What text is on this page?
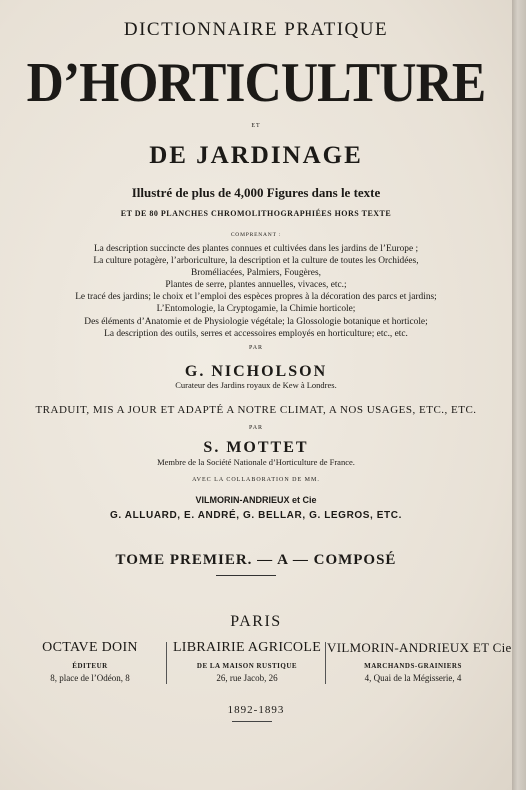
DICTIONNAIRE PRATIQUE
D’HORTICULTURE
ET
DE JARDINAGE
Illustré de plus de 4,000 Figures dans le texte
ET DE 80 PLANCHES CHROMOLITHOGRAPHIÉES HORS TEXTE
COMPRENANT :
La description succincte des plantes connues et cultivées dans les jardins de l’Europe ;
La culture potagère, l’arboriculture, la description et la culture de toutes les Orchidées,
Broméliacées, Palmiers, Fougères,
Plantes de serre, plantes annuelles, vivaces, etc.;
Le tracé des jardins; le choix et l’emploi des espèces propres à la décoration des parcs et jardins;
L’Entomologie, la Cryptogamie, la Chimie horticole;
Des éléments d’Anatomie et de Physiologie végétale; la Glossologie botanique et horticole;
La description des outils, serres et accessoires employés en horticulture; etc., etc.
PAR
G. NICHOLSON
Curateur des Jardins royaux de Kew à Londres.
TRADUIT, MIS A JOUR ET ADAPTÉ A NOTRE CLIMAT, A NOS USAGES, ETC., ETC.
PAR
S. MOTTET
Membre de la Société Nationale d’Horticulture de France.
AVEC LA COLLABORATION DE MM.
VILMORIN-ANDRIEUX et Cie
G. ALLUARD, E. ANDRÉ, G. BELLAR, G. LEGROS, ETC.
TOME PREMIER. — A — COMPOSÉ
PARIS
OCTAVE DOIN
ÉDITEUR
8, place de l’Odéon, 8
LIBRAIRIE AGRICOLE
DE LA MAISON RUSTIQUE
26, rue Jacob, 26
VILMORIN-ANDRIEUX ET Cie
MARCHANDS-GRAINIERS
4, Quai de la Mégisserie, 4
1892-1893
